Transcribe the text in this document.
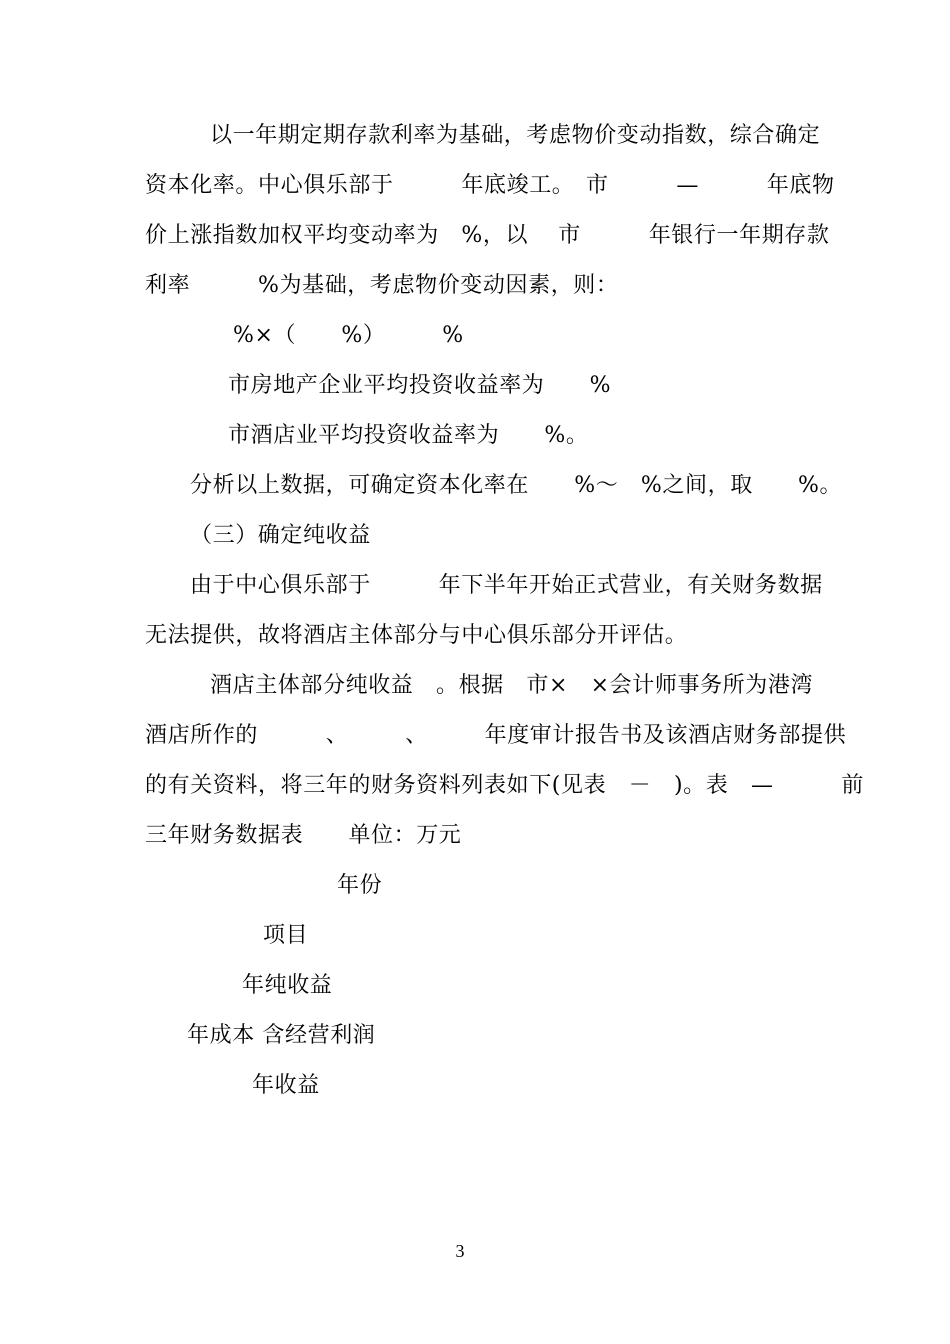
以一年期定期存款利率为基础，考虑物价变动指数，综合确定
资本化率。中心俱乐部于　　　年底竣工。　市　　　—　　　年底物
价上涨指数加权平均变动率为　%，以　 市　　　年银行一年期存款
利率　　　%为基础，考虑物价变动因素，则：
%×（　　%）　　　%
市房地产企业平均投资收益率为　　%
市酒店业平均投资收益率为　　%。
分析以上数据，可确定资本化率在　　%～　%之间，取　　%。
（三）确定纯收益
由于中心俱乐部于　　　年下半年开始正式营业，有关财务数据
无法提供，故将酒店主体部分与中心俱乐部分开评估。
酒店主体部分纯收益　。根据　市×　×会计师事务所为港湾
酒店所作的　　　、　　　、　　　年度审计报告书及该酒店财务部提供
的有关资料，将三年的财务资料列表如下(见表　－　)。表　—　　　前
三年财务数据表　　单位：万元
年份
项目
年纯收益
年成本 含经营利润
年收益
3
